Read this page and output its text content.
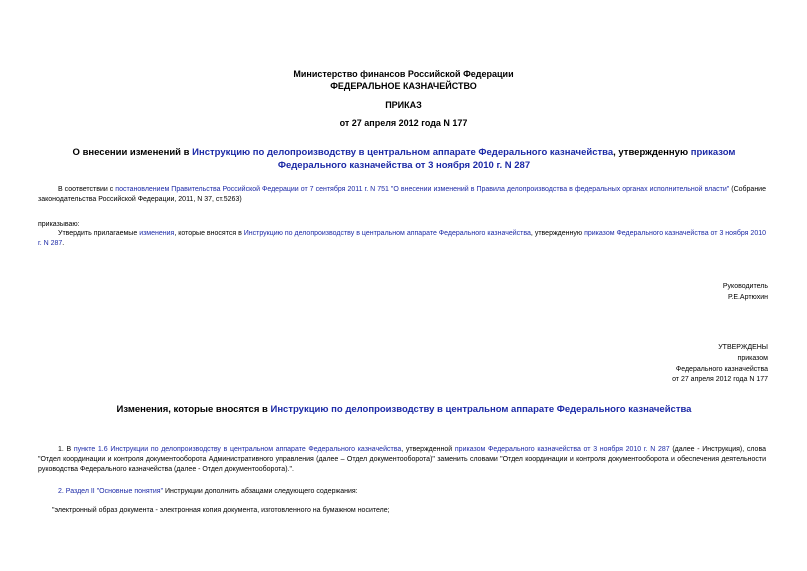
Министерство финансов Российской Федерации
ФЕДЕРАЛЬНОЕ КАЗНАЧЕЙСТВО
ПРИКАЗ
от 27 апреля 2012 года N 177
О внесении изменений в Инструкцию по делопроизводству в центральном аппарате Федерального казначейства, утвержденную приказом Федерального казначейства от 3 ноября 2010 г. N 287
В соответствии с постановлением Правительства Российской Федерации от 7 сентября 2011 г. N 751 "О внесении изменений в Правила делопроизводства в федеральных органах исполнительной власти" (Собрание законодательства Российской Федерации, 2011, N 37, ст.5263)
приказываю:
Утвердить прилагаемые изменения, которые вносятся в Инструкцию по делопроизводству в центральном аппарате Федерального казначейства, утвержденную приказом Федерального казначейства от 3 ноября 2010 г. N 287.
Руководитель
Р.Е.Артюхин
УТВЕРЖДЕНЫ
приказом
Федерального казначейства
от 27 апреля 2012 года N 177
Изменения, которые вносятся в Инструкцию по делопроизводству в центральном аппарате Федерального казначейства
1. В пункте 1.6 Инструкции по делопроизводству в центральном аппарате Федерального казначейства, утвержденной приказом Федерального казначейства от 3 ноября 2010 г. N 287 (далее - Инструкция), слова "Отдел координации и контроля документооборота Административного управления (далее – Отдел документооборота)" заменить словами "Отдел координации и контроля документооборота и обеспечения деятельности руководства Федерального казначейства (далее - Отдел документооборота).".
2. Раздел II "Основные понятия" Инструкции дополнить абзацами следующего содержания:
"электронный образ документа - электронная копия документа, изготовленного на бумажном носителе;
